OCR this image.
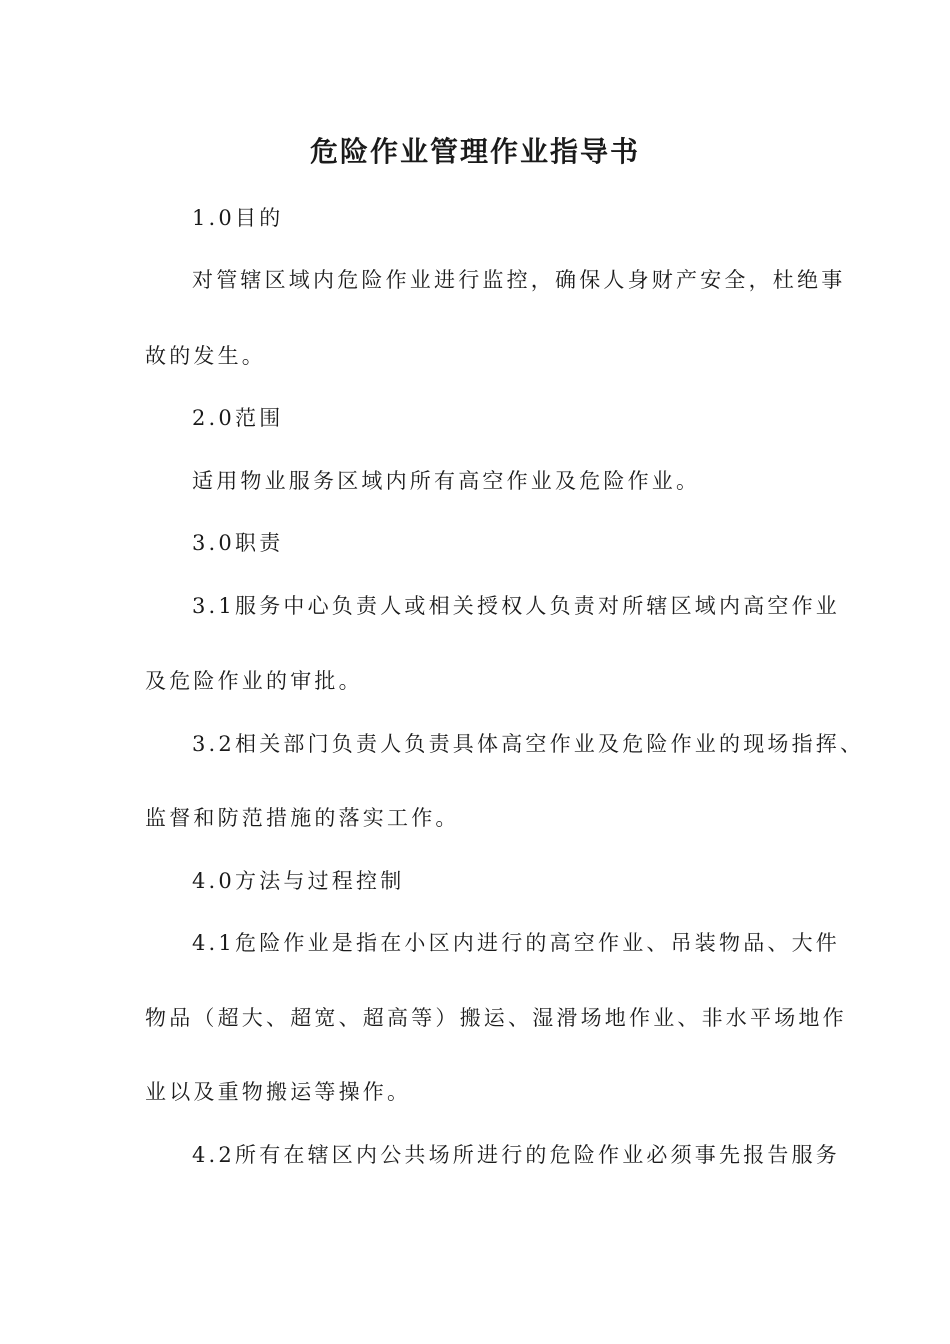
危险作业管理作业指导书
1.0目的
对管辖区域内危险作业进行监控，确保人身财产安全，杜绝事
故的发生。
2.0范围
适用物业服务区域内所有高空作业及危险作业。
3.0职责
3.1服务中心负责人或相关授权人负责对所辖区域内高空作业
及危险作业的审批。
3.2相关部门负责人负责具体高空作业及危险作业的现场指挥、
监督和防范措施的落实工作。
4.0方法与过程控制
4.1危险作业是指在小区内进行的高空作业、吊装物品、大件
物品（超大、超宽、超高等）搬运、湿滑场地作业、非水平场地作
业以及重物搬运等操作。
4.2所有在辖区内公共场所进行的危险作业必须事先报告服务
